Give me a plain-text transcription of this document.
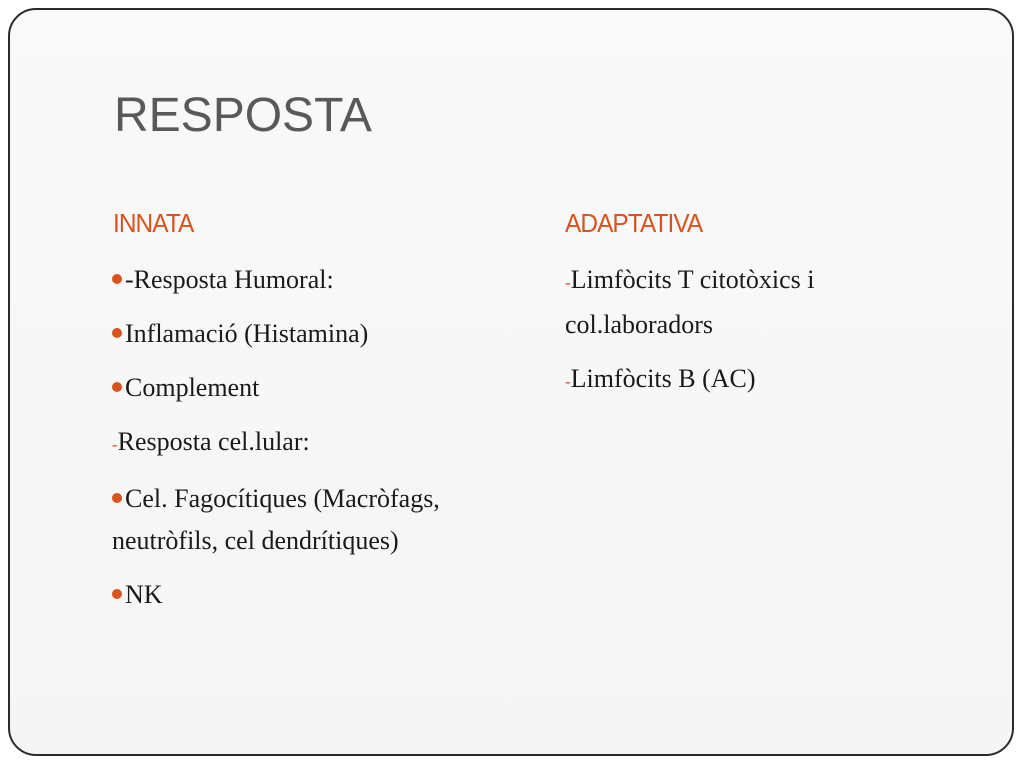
RESPOSTA
INNATA	ADAPTATIVA
-Resposta Humoral:
Inflamació (Histamina)
Complement
-Resposta cel.lular:
Cel. Fagocítiques (Macròfags, neutròfils, cel dendrítiques)
NK
-Limfòcits T citotòxics i col.laboradors
-Limfòcits B (AC)
